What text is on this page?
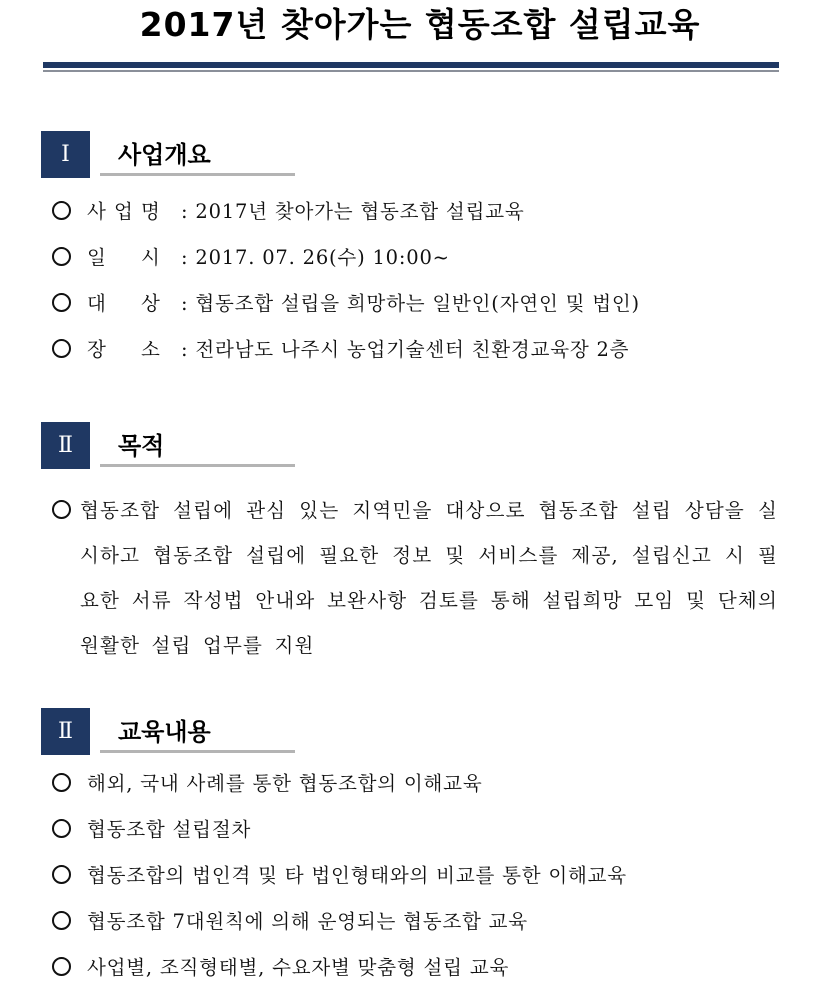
2017년 찾아가는 협동조합 설립교육
Ⅰ	사업개요
사 업 명 : 2017년 찾아가는 협동조합 설립교육
일 시 : 2017. 07. 26(수) 10:00~
대 상 : 협동조합 설립을 희망하는 일반인(자연인 및 법인)
장 소 : 전라남도 나주시 농업기술센터 친환경교육장 2층
Ⅱ	목적
협동조합 설립에 관심 있는 지역민을 대상으로 협동조합 설립 상담을 실시하고 협동조합 설립에 필요한 정보 및 서비스를 제공, 설립신고 시 필요한 서류 작성법 안내와 보완사항 검토를 통해 설립희망 모임 및 단체의 원활한 설립 업무를 지원
Ⅱ	교육내용
해외, 국내 사례를 통한 협동조합의 이해교육
협동조합 설립절차
협동조합의 법인격 및 타 법인형태와의 비교를 통한 이해교육
협동조합 7대원칙에 의해 운영되는 협동조합 교육
사업별, 조직형태별, 수요자별 맞춤형 설립 교육
